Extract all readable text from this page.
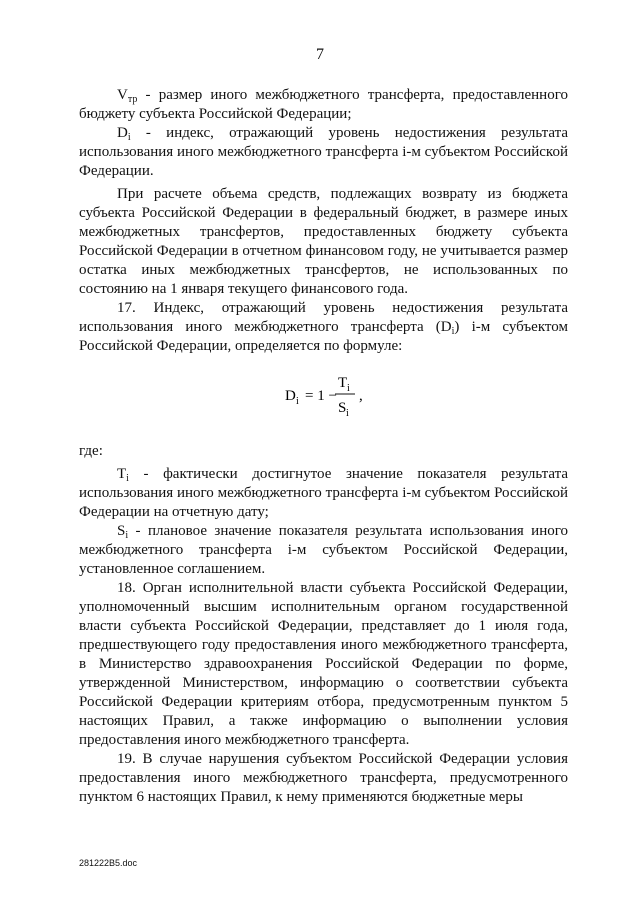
7

$V_{тр}$ - размер иного межбюджетного трансферта, предоставленного бюджету субъекта Российской Федерации;

$D_i$ - индекс, отражающий уровень недостижения результата использования иного межбюджетного трансферта i-м субъектом Российской Федерации.

При расчете объема средств, подлежащих возврату из бюджета субъекта Российской Федерации в федеральный бюджет, в размере иных межбюджетных трансфертов, предоставленных бюджету субъекта Российской Федерации в отчетном финансовом году, не учитывается размер остатка иных межбюджетных трансфертов, не использованных по состоянию на 1 января текущего финансового года.

17. Индекс, отражающий уровень недостижения результата использования иного межбюджетного трансферта $(D_i)$ i-м субъектом Российской Федерации, определяется по формуле:

D i = 1 −
T i
S i
,

где:

$T_i$ - фактически достигнутое значение показателя результата использования иного межбюджетного трансферта i-м субъектом Российской Федерации на отчетную дату;

$S_i$ - плановое значение показателя результата использования иного межбюджетного трансферта i-м субъектом Российской Федерации, установленное соглашением.

18. Орган исполнительной власти субъекта Российской Федерации, уполномоченный высшим исполнительным органом государственной власти субъекта Российской Федерации, представляет до 1 июля года, предшествующего году предоставления иного межбюджетного трансферта, в Министерство здравоохранения Российской Федерации по форме, утвержденной Министерством, информацию о соответствии субъекта Российской Федерации критериям отбора, предусмотренным пунктом 5 настоящих Правил, а также информацию о выполнении условия предоставления иного межбюджетного трансферта.

19. В случае нарушения субъектом Российской Федерации условия предоставления иного межбюджетного трансферта, предусмотренного пунктом 6 настоящих Правил, к нему применяются бюджетные меры

281222B5.doc
